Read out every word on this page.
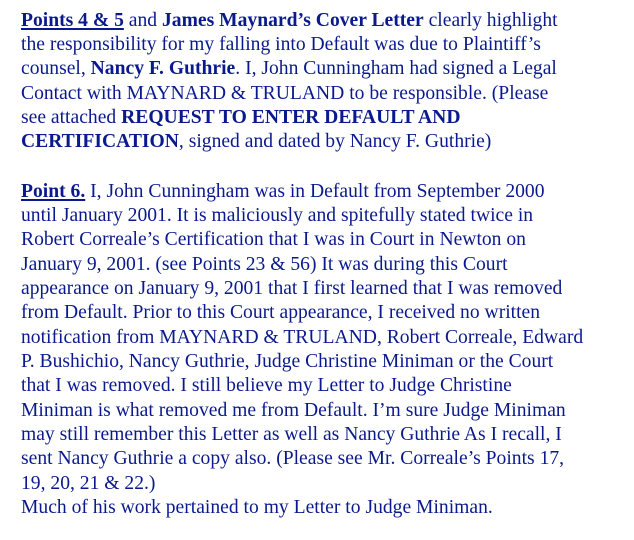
Points 4 & 5 and James Maynard’s Cover Letter clearly highlight
the responsibility for my falling into Default was due to Plaintiff’s
counsel, Nancy F. Guthrie. I, John Cunningham had signed a Legal
Contact with MAYNARD & TRULAND to be responsible. (Please
see attached REQUEST TO ENTER DEFAULT AND
CERTIFICATION, signed and dated by Nancy F. Guthrie)
Point 6. I, John Cunningham was in Default from September 2000
until January 2001. It is maliciously and spitefully stated twice in
Robert Correale’s Certification that I was in Court in Newton on
January 9, 2001. (see Points 23 & 56) It was during this Court
appearance on January 9, 2001 that I first learned that I was removed
from Default. Prior to this Court appearance, I received no written
notification from MAYNARD & TRULAND, Robert Correale, Edward
P. Bushichio, Nancy Guthrie, Judge Christine Miniman or the Court
that I was removed. I still believe my Letter to Judge Christine
Miniman is what removed me from Default. I’m sure Judge Miniman
may still remember this Letter as well as Nancy Guthrie As I recall, I
sent Nancy Guthrie a copy also. (Please see Mr. Correale’s Points 17,
19, 20, 21 & 22.)
Much of his work pertained to my Letter to Judge Miniman.
